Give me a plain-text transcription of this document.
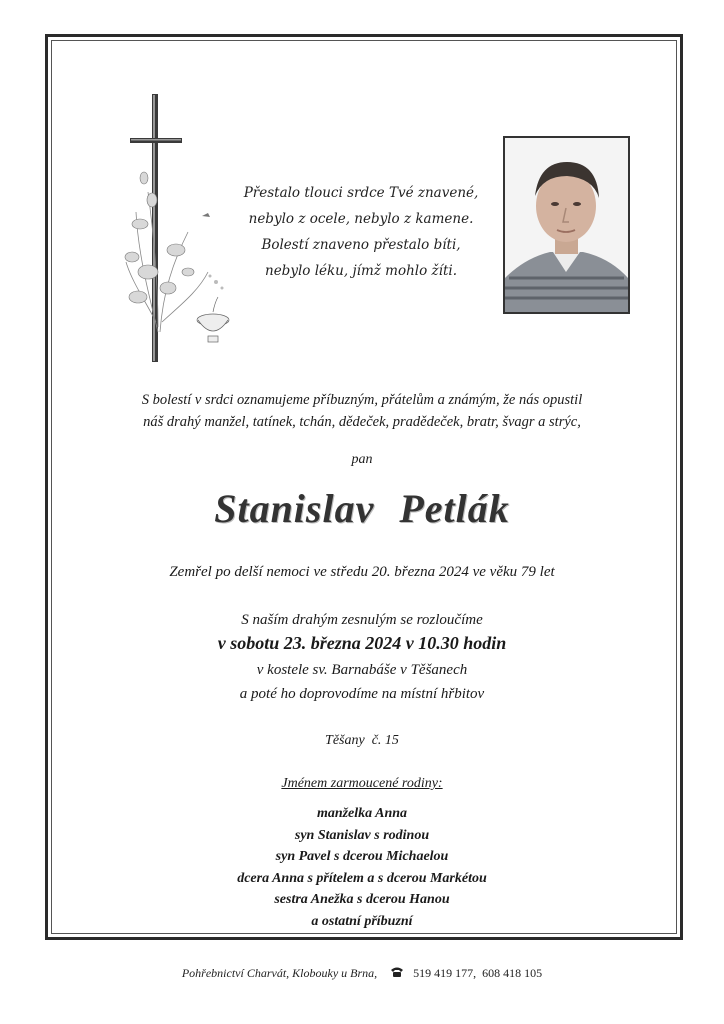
Přestalo tlouci srdce Tvé znavené,
nebylo z ocele, nebylo z kamene.
Bolestí znaveno přestalo bíti,
nebylo léku, jímž mohlo žíti.
S bolestí v srdci oznamujeme příbuzným, přátelům a známým, že nás opustil
náš drahý manžel, tatínek, tchán, dědeček, pradědeček, bratr, švagr a strýc,
pan
Stanislav Petlák
Zemřel po delší nemoci ve středu 20. března 2024 ve věku 79 let
S naším drahým zesnulým se rozloučíme
v sobotu 23. března 2024 v 10.30 hodin
v kostele sv. Barnabáše v Těšanech
a poté ho doprovodíme na místní hřbitov
Těšany  č. 15
Jménem zarmoucené rodiny:
manželka Anna
syn Stanislav s rodinou
syn Pavel s dcerou Michaelou
dcera Anna s přítelem a s dcerou Markétou
sestra Anežka s dcerou Hanou
a ostatní příbuzní
Pohřebnictví Charvát, Klobouky u Brna,	519 419 177,  608 418 105
